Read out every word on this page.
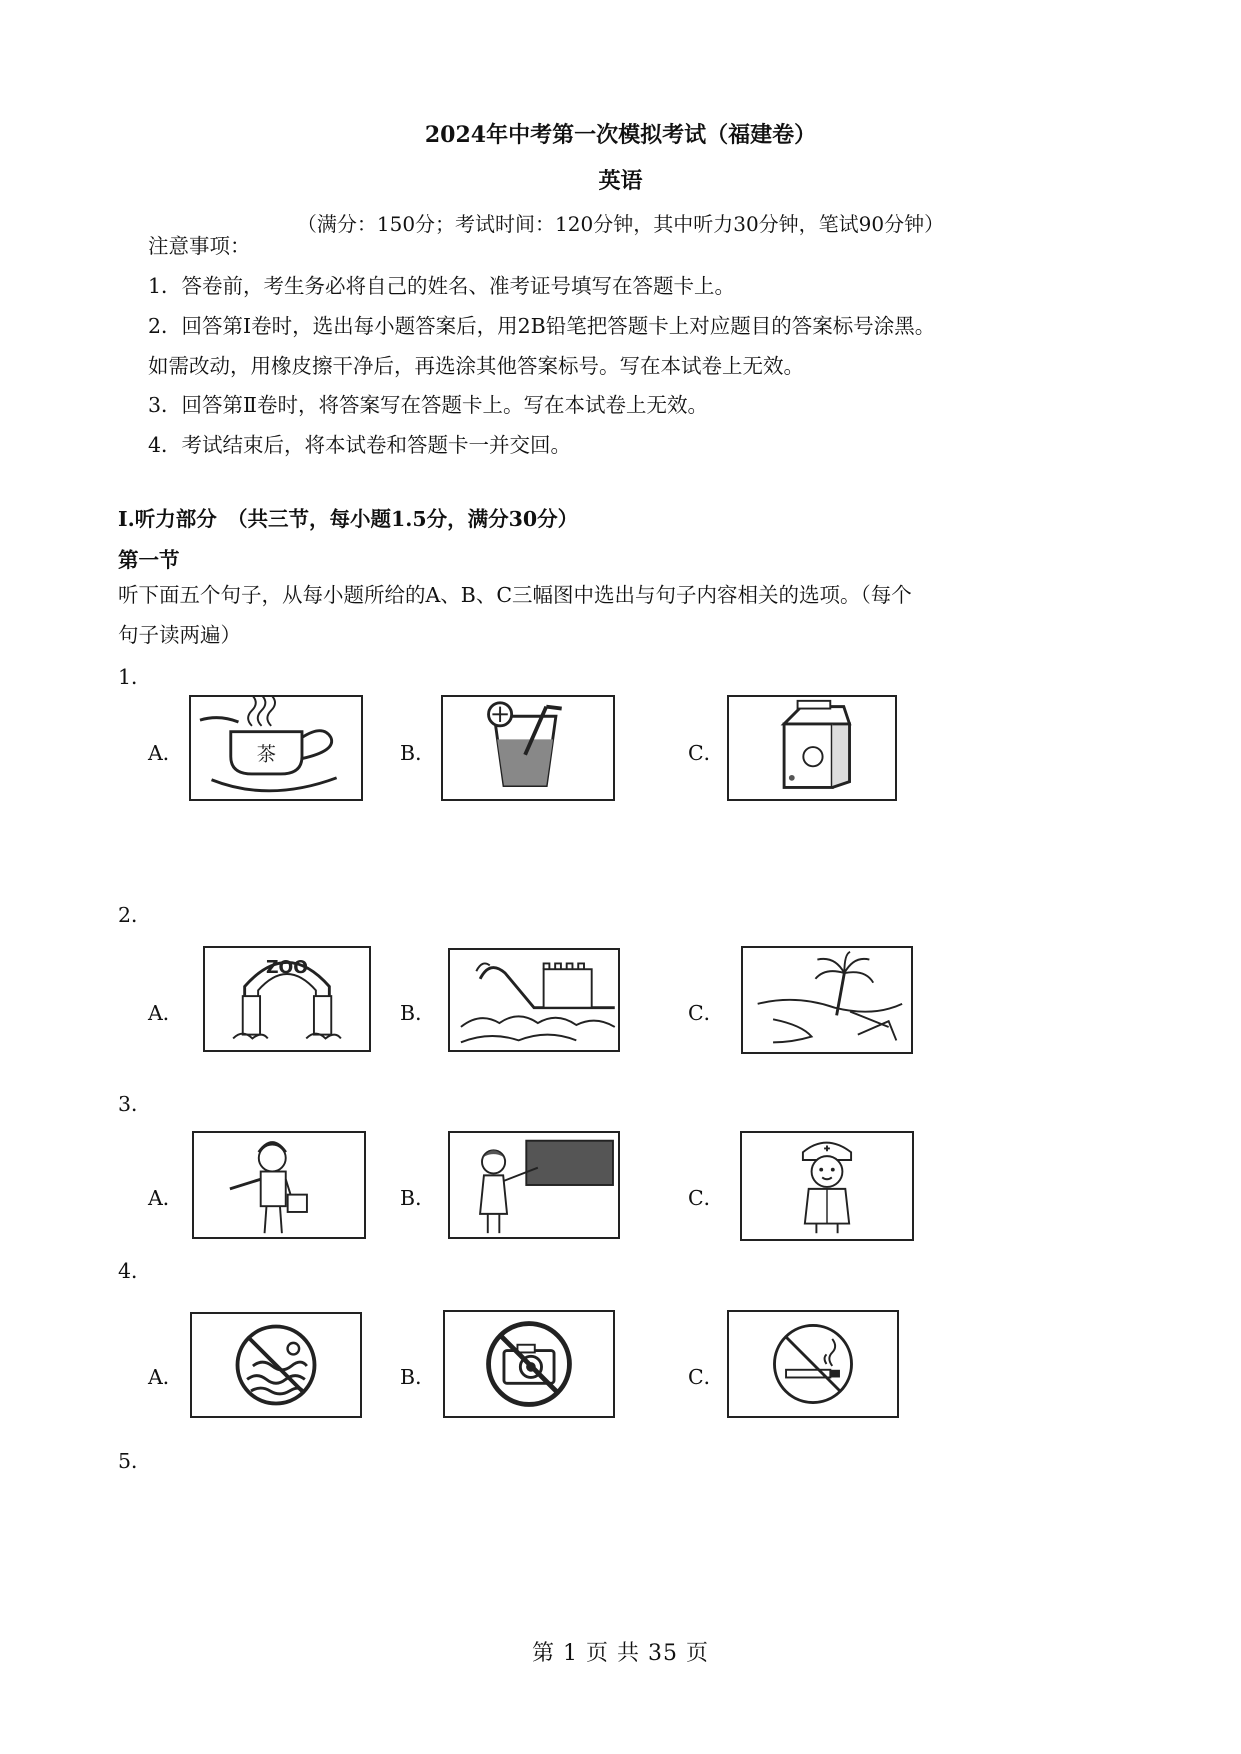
2024年中考第一次模拟考试（福建卷）
英语
（满分：150分；考试时间：120分钟，其中听力30分钟，笔试90分钟）
注意事项：
1．答卷前，考生务必将自己的姓名、准考证号填写在答题卡上。
2．回答第Ⅰ卷时，选出每小题答案后，用2B铅笔把答题卡上对应题目的答案标号涂黑。
如需改动，用橡皮擦干净后，再选涂其他答案标号。写在本试卷上无效。
3．回答第Ⅱ卷时，将答案写在答题卡上。写在本试卷上无效。
4．考试结束后，将本试卷和答题卡一并交回。
I.听力部分　（共三节，每小题1.5分，满分30分）
第一节
听下面五个句子，从每小题所给的A、B、C三幅图中选出与句子内容相关的选项。（每个
句子读两遍）
1．
A．	茶	B．	C．
2．
A．
ZOO
B．	C．
3．
A．	B．	C．
4．
A．	B．	C．
5．
第 1 页 共 35 页
